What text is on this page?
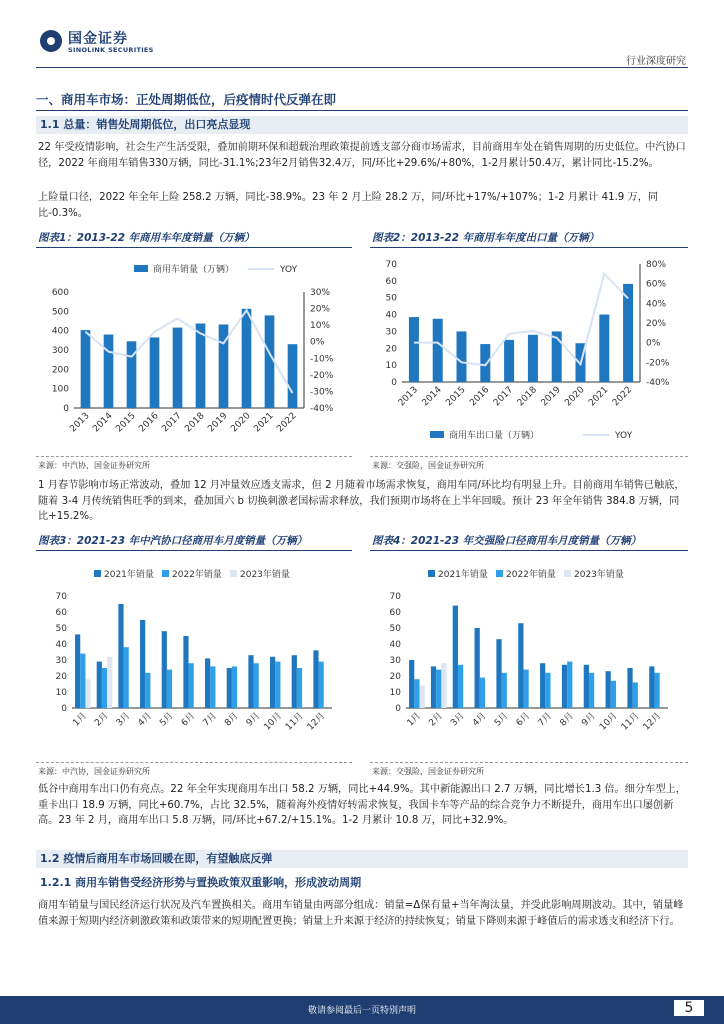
国金证券
SINOLINK SECURITIES
行业深度研究
一、商用车市场：正处周期低位，后疫情时代反弹在即
1.1 总量：销售处周期低位，出口亮点显现
22 年受疫情影响，社会生产生活受限，叠加前期环保和超载治理政策提前透支部分商市场需求，目前商用车处在销售周期的历史低位。中汽协口径，2022 年商用车销售330万辆，同比-31.1%;23年2月销售32.4万，同/环比+29.6%/+80%，1-2月累计50.4万，累计同比-15.2%。
上险量口径，2022 年全年上险 258.2 万辆，同比-38.9%。23 年 2 月上险 28.2 万，同/环比+17%/+107%；1-2 月累计 41.9 万，同比-0.3%。
图表1：2013-22 年商用车年度销量（万辆）	图表2：2013-22 年商用车年度出口量（万辆）
商用车销量（万辆）	YOY
0
100
200
300
400
500
600
-40%
-30%
-20%
-10%
0%
10%
20%
30%
2013 2014 2015 2016 2017 2018 2019 2020 2021 2022
来源：中汽协，国金证券研究所
0
10
20
30
40
50
60
70
-40%
-20%
0%
20%
40%
60%
80%
2013 2014 2015 2016 2017 2018 2019 2020 2021 2022
商用车出口量（万辆）	YOY
来源：交强险，国金证券研究所
1 月春节影响市场正常波动，叠加 12 月冲量效应透支需求，但 2 月随着市场需求恢复，商用车同/环比均有明显上升。目前商用车销售已触底，随着 3-4 月传统销售旺季的到来，叠加国六 b 切换刺激老国标需求释放，我们预期市场将在上半年回暖。预计 23 年全年销售 384.8 万辆，同比+15.2%。
图表3：2021-23 年中汽协口径商用车月度销量（万辆）	图表4：2021-23 年交强险口径商用车月度销量（万辆）
2021年销量 2022年销量 2023年销量
0
10
20
30
40
50
60
70
1月 2月 3月 4月 5月 6月 7月 8月 9月 10月 11月 12月
来源：中汽协，国金证券研究所
2021年销量 2022年销量 2023年销量
0
10
20
30
40
50
60
70
1月 2月 3月 4月 5月 6月 7月 8月 9月 10月 11月 12月
来源：交强险，国金证券研究所
低谷中商用车出口仍有亮点。22 年全年实现商用车出口 58.2 万辆，同比+44.9%。其中新能源出口 2.7 万辆，同比增长1.3 倍。细分车型上，重卡出口 18.9 万辆，同比+60.7%，占比 32.5%，随着海外疫情好转需求恢复，我国卡车等产品的综合竞争力不断提升，商用车出口屡创新高。23 年 2 月，商用车出口 5.8 万辆，同/环比+67.2/+15.1%。1-2 月累计 10.8 万，同比+32.9%。
1.2 疫情后商用车市场回暖在即，有望触底反弹
1.2.1 商用车销售受经济形势与置换政策双重影响，形成波动周期
商用车销量与国民经济运行状况及汽车置换相关。商用车销量由两部分组成：销量=Δ保有量+当年淘汰量，并受此影响周期波动。其中，销量峰值来源于短期内经济刺激政策和政策带来的短期配置更换；销量上升来源于经济的持续恢复；销量下降则来源于峰值后的需求透支和经济下行。
敬请参阅最后一页特别声明	5
